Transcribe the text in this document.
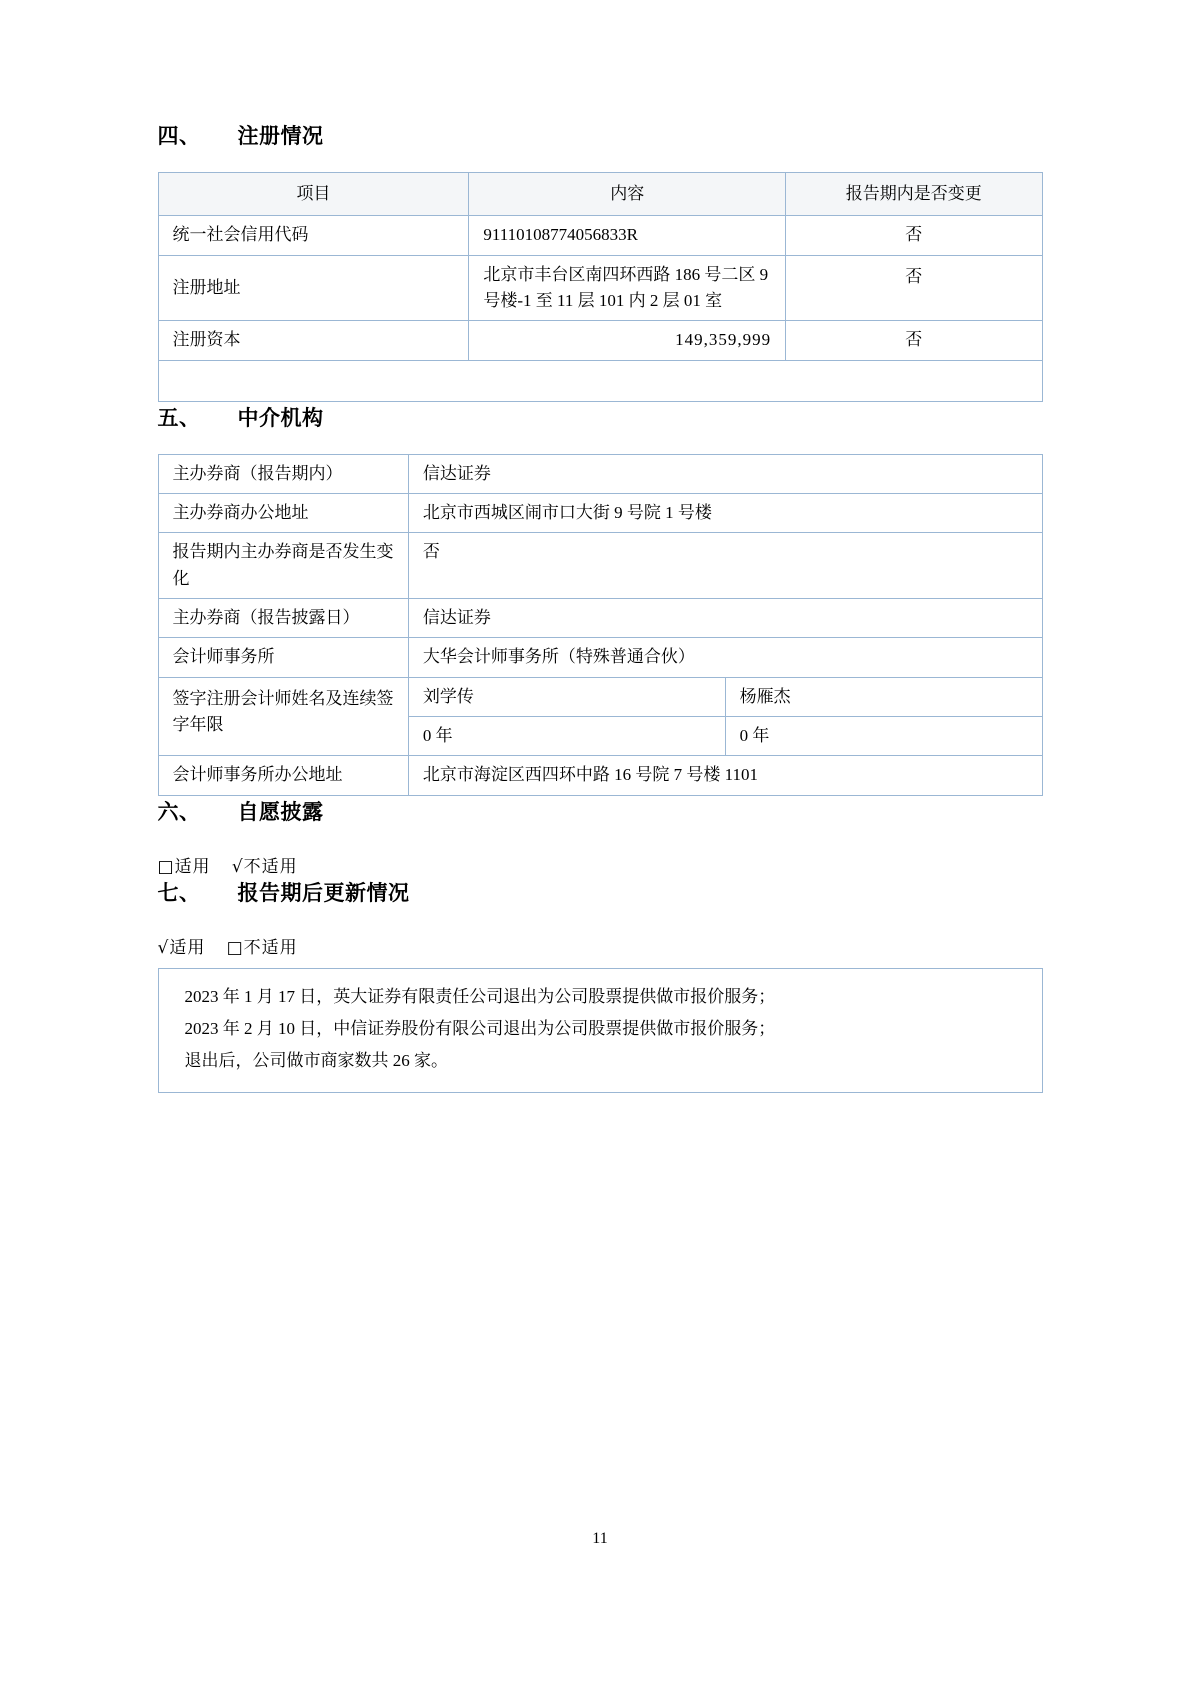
四、 注册情况
项目	内容	报告期内是否变更
统一社会信用代码	91110108774056833R	否
注册地址	北京市丰台区南四环西路 186 号二区 9 号楼-1 至 11 层 101 内 2 层 01 室	否
注册资本	149,359,999	否

五、 中介机构
主办券商（报告期内）	信达证券	
主办券商办公地址	北京市西城区闹市口大街 9 号院 1 号楼	
报告期内主办券商是否发生变化	否	
主办券商（报告披露日）	信达证券	
会计师事务所	大华会计师事务所（特殊普通合伙）	
签字注册会计师姓名及连续签字年限	刘学传	杨雁杰
	0 年	0 年
会计师事务所办公地址	北京市海淀区西四环中路 16 号院 7 号楼 1101	
六、 自愿披露
□适用 √不适用
七、 报告期后更新情况
√适用 □不适用
2023 年 1 月 17 日，英大证券有限责任公司退出为公司股票提供做市报价服务；
2023 年 2 月 10 日，中信证券股份有限公司退出为公司股票提供做市报价服务；
退出后，公司做市商家数共 26 家。
11
